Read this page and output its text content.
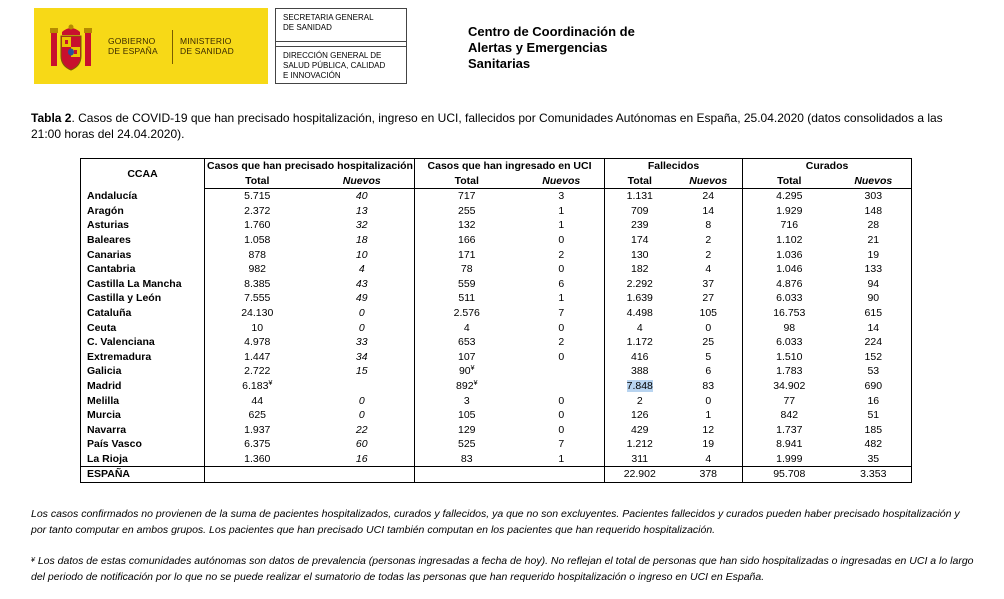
GOBIERNO
DE ESPAÑA
MINISTERIO
DE SANIDAD
SECRETARIA GENERAL
DE SANIDAD
DIRECCIÓN GENERAL DE
SALUD PÚBLICA, CALIDAD
E INNOVACIÓN
Centro de Coordinación de
Alertas y Emergencias
Sanitarias
Tabla 2. Casos de COVID-19 que han precisado hospitalización, ingreso en UCI, fallecidos por Comunidades Autónomas en España, 25.04.2020 (datos consolidados a las 21:00 horas del 24.04.2020).
CCAA	Casos que han precisado hospitalización		Casos que han ingresado en UCI		Fallecidos		Curados	
	Total	Nuevos	Total	Nuevos	Total	Nuevos	Total	Nuevos
Andalucía	5.715	40	717	3	1.131	24	4.295	303
Aragón	2.372	13	255	1	709	14	1.929	148
Asturias	1.760	32	132	1	239	8	716	28
Baleares	1.058	18	166	0	174	2	1.102	21
Canarias	878	10	171	2	130	2	1.036	19
Cantabria	982	4	78	0	182	4	1.046	133
Castilla La Mancha	8.385	43	559	6	2.292	37	4.876	94
Castilla y León	7.555	49	511	1	1.639	27	6.033	90
Cataluña	24.130	0	2.576	7	4.498	105	16.753	615
Ceuta	10	0	4	0	4	0	98	14
C. Valenciana	4.978	33	653	2	1.172	25	6.033	224
Extremadura	1.447	34	107	0	416	5	1.510	152
Galicia	2.722	15	90¥		388	6	1.783	53
Madrid	6.183¥		892¥		7.848	83	34.902	690
Melilla	44	0	3	0	2	0	77	16
Murcia	625	0	105	0	126	1	842	51
Navarra	1.937	22	129	0	429	12	1.737	185
País Vasco	6.375	60	525	7	1.212	19	8.941	482
La Rioja	1.360	16	83	1	311	4	1.999	35
ESPAÑA					22.902	378	95.708	3.353
Los casos confirmados no provienen de la suma de pacientes hospitalizados, curados y fallecidos, ya que no son excluyentes. Pacientes fallecidos y curados pueden haber precisado hospitalización y por tanto computar en ambos grupos. Los pacientes que han precisado UCI también computan en los pacientes que han requerido hospitalización.
¥ Los datos de estas comunidades autónomas son datos de prevalencia (personas ingresadas a fecha de hoy). No reflejan el total de personas que han sido hospitalizadas o ingresadas en UCI a lo largo del periodo de notificación por lo que no se puede realizar el sumatorio de todas las personas que han requerido hospitalización o ingreso en UCI en España.
